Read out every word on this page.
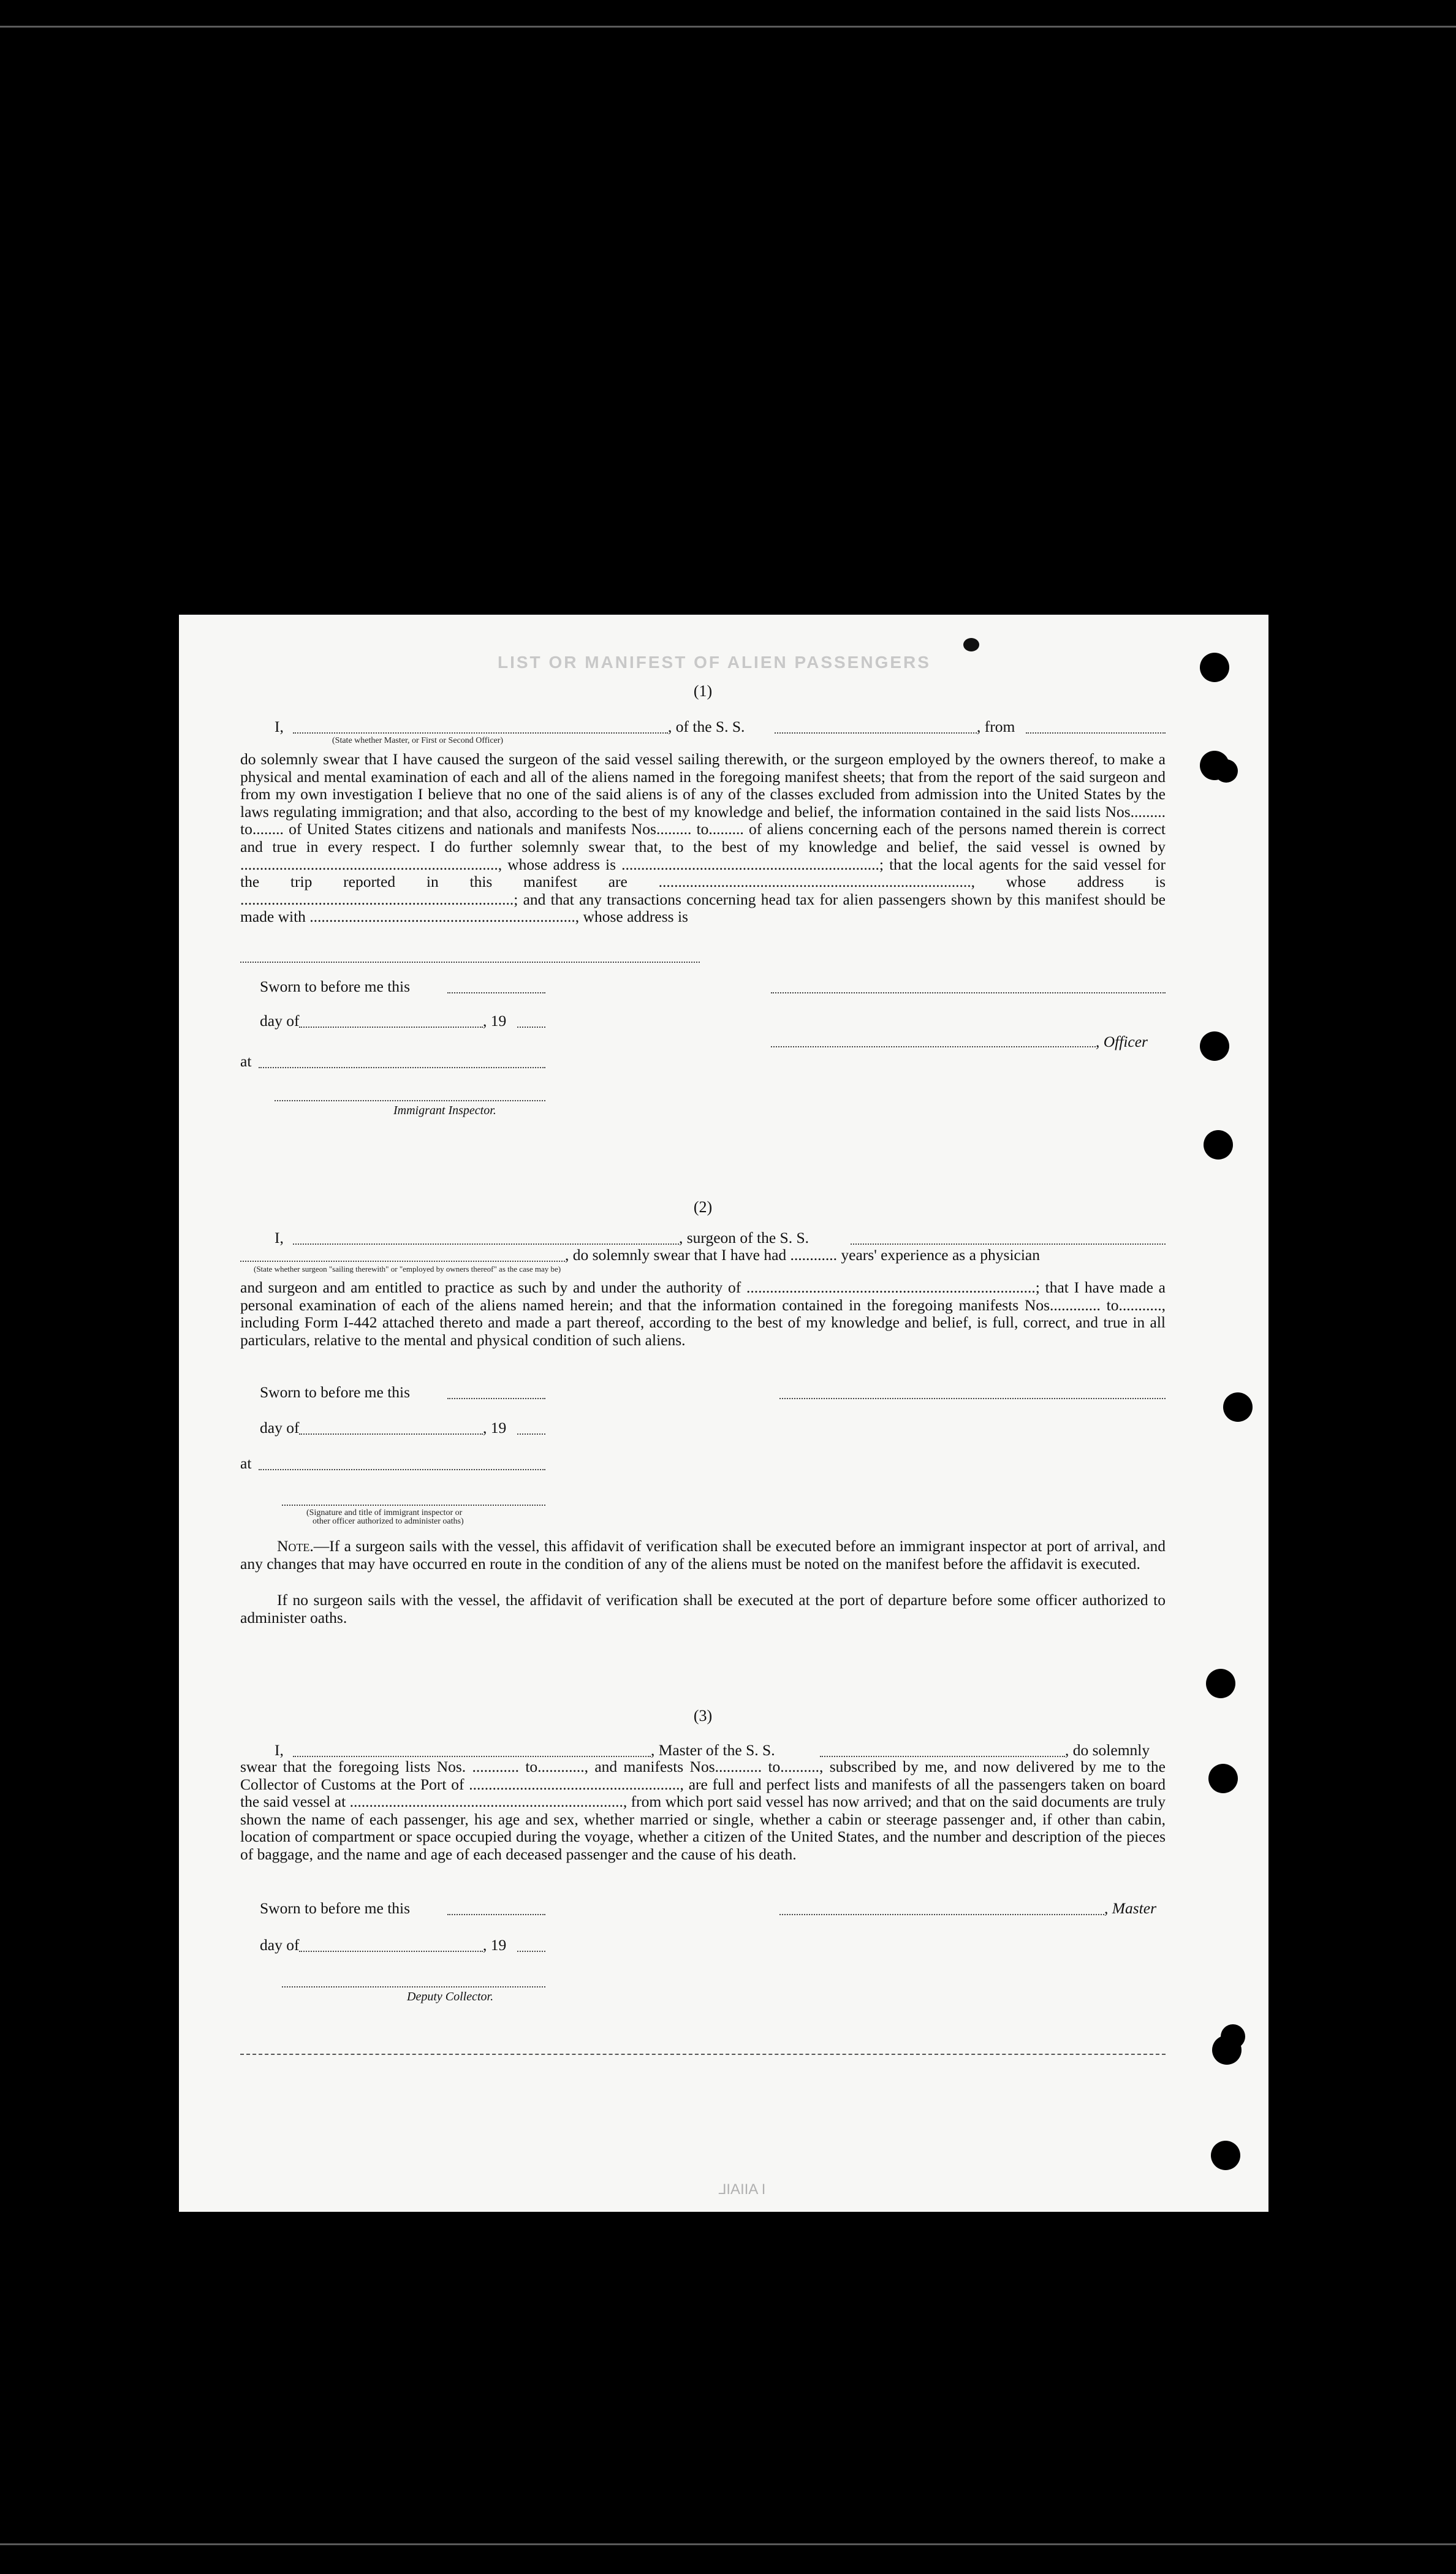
LIST OR MANIFEST OF ALIEN PASSENGERS
(1)
I,	, of the S. S.	, from
(State whether Master, or First or Second Officer)

do solemnly swear that I have caused the surgeon of the said vessel sailing therewith, or the surgeon employed by the owners thereof, to make a physical and mental examination of each and all of the aliens named in the foregoing manifest sheets; that from the report of the said surgeon and from my own investigation I believe that no one of the said aliens is of any of the classes excluded from admission into the United States by the laws regulating immigration; and that also, according to the best of my knowledge and belief, the information contained in the said lists Nos......... to........ of United States citizens and nationals and manifests Nos......... to......... of aliens concerning each of the persons named therein is correct and true in every respect. I do further solemnly swear that, to the best of my knowledge and belief, the said vessel is owned by .................................................................., whose address is ..................................................................; that the local agents for the said vessel for the trip reported in this manifest are ................................................................................, whose address is ......................................................................; and that any transactions concerning head tax for alien passengers shown by this manifest should be made with ...................................................................., whose address is

Sworn to before me this
day of	, 19
, Officer
at
Immigrant Inspector.
(2)
I,	, surgeon of the S. S.
, do solemnly swear that I have had ............ years' experience as a physician
(State whether surgeon "sailing therewith" or "employed by owners thereof" as the case may be)

and surgeon and am entitled to practice as such by and under the authority of ..........................................................................; that I have made a personal examination of each of the aliens named herein; and that the information contained in the foregoing manifests Nos............. to..........., including Form I-442 attached thereto and made a part thereof, according to the best of my knowledge and belief, is full, correct, and true in all particulars, relative to the mental and physical condition of such aliens.

Sworn to before me this
day of	, 19
at
(Signature and title of immigrant inspector or
other officer authorized to administer oaths)

Note.—If a surgeon sails with the vessel, this affidavit of verification shall be executed before an immigrant inspector at port of arrival, and any changes that may have occurred en route in the condition of any of the aliens must be noted on the manifest before the affidavit is executed.

If no surgeon sails with the vessel, the affidavit of verification shall be executed at the port of departure before some officer authorized to administer oaths.

(3)
I,	, Master of the S. S.	, do solemnly

swear that the foregoing lists Nos. ............ to............, and manifests Nos............ to.........., subscribed by me, and now delivered by me to the Collector of Customs at the Port of ......................................................, are full and perfect lists and manifests of all the passengers taken on board the said vessel at ......................................................................, from which port said vessel has now arrived; and that on the said documents are truly shown the name of each passenger, his age and sex, whether married or single, whether a cabin or steerage passenger and, if other than cabin, location of compartment or space occupied during the voyage, whether a citizen of the United States, and the number and description of the pieces of baggage, and the name and age of each deceased passenger and the cause of his death.

Sworn to before me this	, Master
day of	, 19
Deputy Collector.
I AIIAIL
